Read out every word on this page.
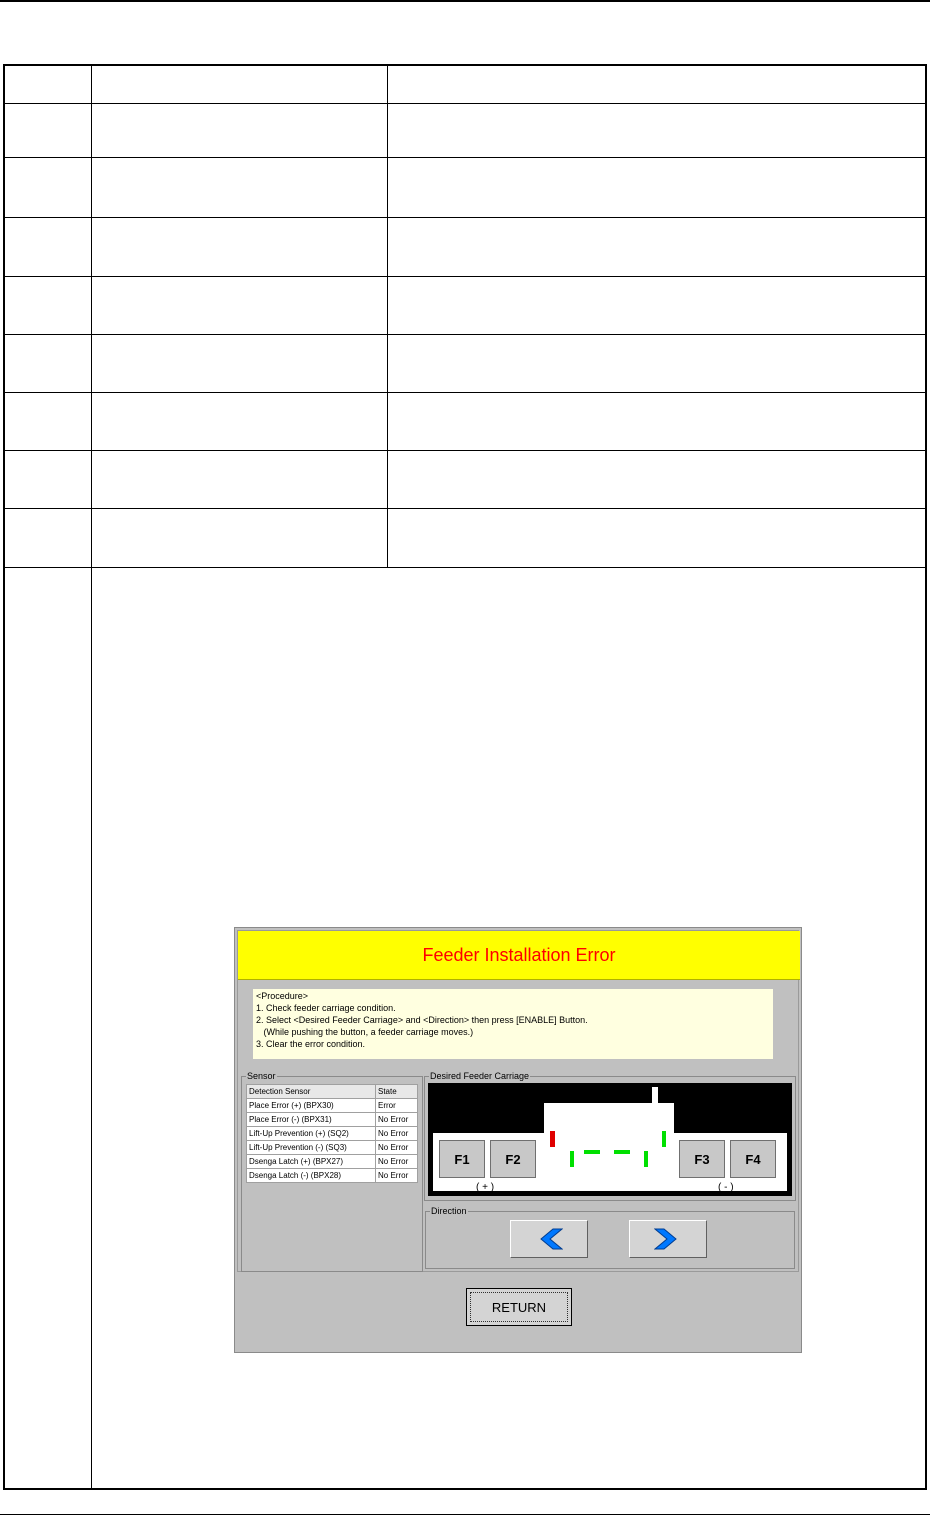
Feeder Installation Error
<Procedure>
1. Check feeder carriage condition.
2. Select <Desired Feeder Carriage> and <Direction> then press [ENABLE] Button.
(While pushing the button, a feeder carriage moves.)
3. Clear the error condition.
Sensor
Detection Sensor	State
Place Error (+) (BPX30)	Error
Place Error (-) (BPX31)	No Error
Lift-Up Prevention (+) (SQ2)	No Error
Lift-Up Prevention (-) (SQ3)	No Error
Dsenga Latch (+) (BPX27)	No Error
Dsenga Latch (-) (BPX28)	No Error
Desired Feeder Carriage
F1	F2	F3	F4
( + )	( - )
Direction
RETURN
